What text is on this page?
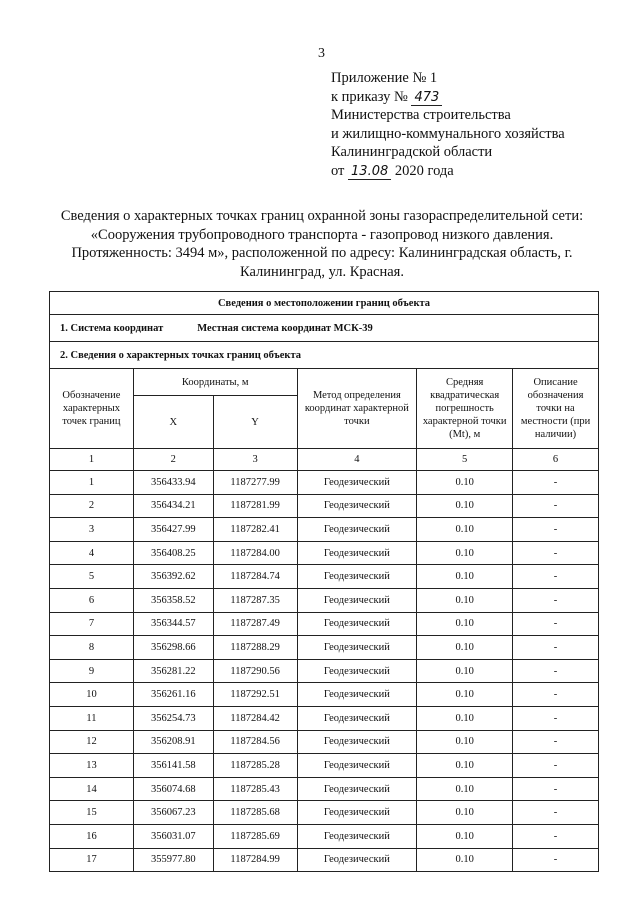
3
Приложение № 1
к приказу № 473
Министерства строительства
и жилищно-коммунального хозяйства
Калининградской области
от 13.08 2020 года
Сведения о характерных точках границ охранной зоны газораспределительной сети: «Сооружения трубопроводного транспорта - газопровод низкого давления. Протяженность: 3494 м», расположенной по адресу: Калининградская область, г. Калининград, ул. Красная.
Сведения о местоположении границ объекта					
1. Система координат Местная система координат МСК-39					
2. Сведения о характерных точках границ объекта					
Обозначение характерных точек границ	Координаты, м		Метод определения координат характерной точки	Средняя квадратическая погрешность характерной точки (Mt), м	Описание обозначения точки на местности (при наличии)
	X	Y			
1	2	3	4	5	6
1	356433.94	1187277.99	Геодезический	0.10	-
2	356434.21	1187281.99	Геодезический	0.10	-
3	356427.99	1187282.41	Геодезический	0.10	-
4	356408.25	1187284.00	Геодезический	0.10	-
5	356392.62	1187284.74	Геодезический	0.10	-
6	356358.52	1187287.35	Геодезический	0.10	-
7	356344.57	1187287.49	Геодезический	0.10	-
8	356298.66	1187288.29	Геодезический	0.10	-
9	356281.22	1187290.56	Геодезический	0.10	-
10	356261.16	1187292.51	Геодезический	0.10	-
11	356254.73	1187284.42	Геодезический	0.10	-
12	356208.91	1187284.56	Геодезический	0.10	-
13	356141.58	1187285.28	Геодезический	0.10	-
14	356074.68	1187285.43	Геодезический	0.10	-
15	356067.23	1187285.68	Геодезический	0.10	-
16	356031.07	1187285.69	Геодезический	0.10	-
17	355977.80	1187284.99	Геодезический	0.10	-
